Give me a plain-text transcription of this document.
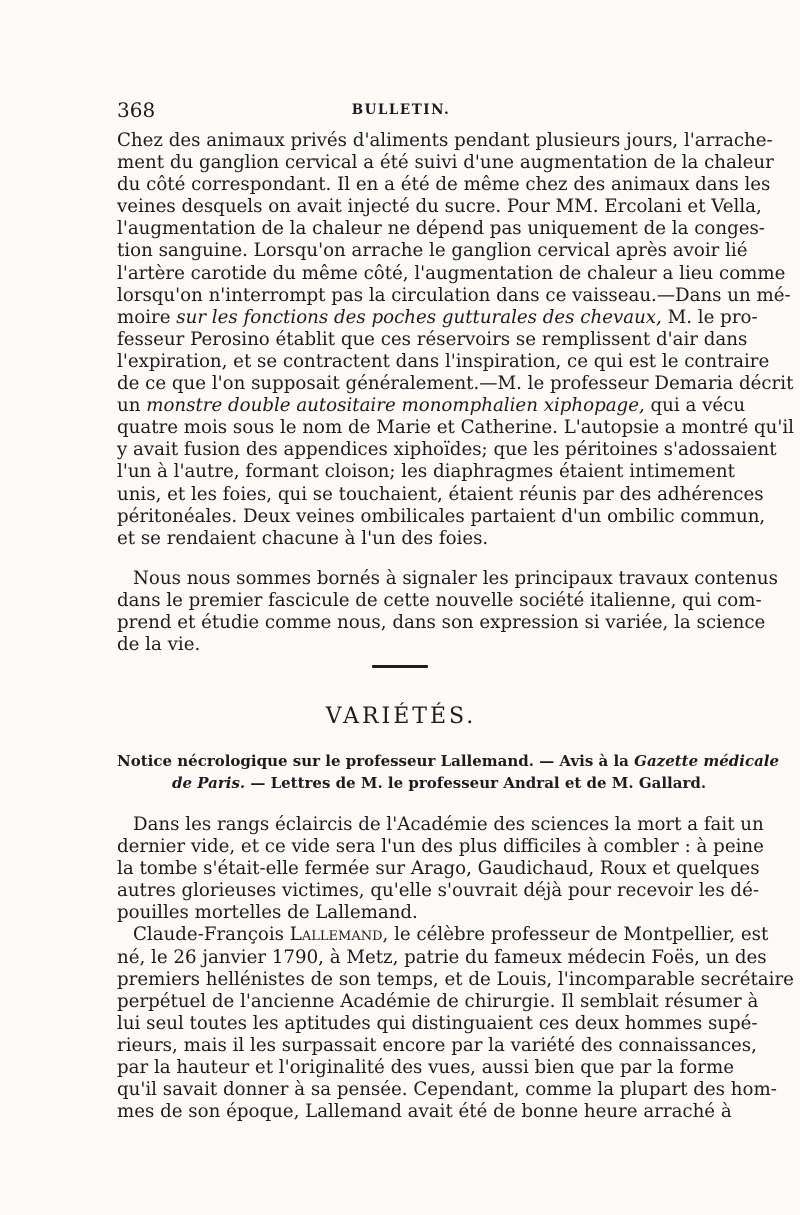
368	BULLETIN.
Chez des animaux privés d'aliments pendant plusieurs jours, l'arrache-
ment du ganglion cervical a été suivi d'une augmentation de la chaleur
du côté correspondant. Il en a été de même chez des animaux dans les
veines desquels on avait injecté du sucre. Pour MM. Ercolani et Vella,
l'augmentation de la chaleur ne dépend pas uniquement de la conges-
tion sanguine. Lorsqu'on arrache le ganglion cervical après avoir lié
l'artère carotide du même côté, l'augmentation de chaleur a lieu comme
lorsqu'on n'interrompt pas la circulation dans ce vaisseau.—Dans un mé-
moire sur les fonctions des poches gutturales des chevaux, M. le pro-
fesseur Perosino établit que ces réservoirs se remplissent d'air dans
l'expiration, et se contractent dans l'inspiration, ce qui est le contraire
de ce que l'on supposait généralement.—M. le professeur Demaria décrit
un monstre double autositaire monomphalien xiphopage, qui a vécu
quatre mois sous le nom de Marie et Catherine. L'autopsie a montré qu'il
y avait fusion des appendices xiphoïdes; que les péritoines s'adossaient
l'un à l'autre, formant cloison; les diaphragmes étaient intimement
unis, et les foies, qui se touchaient, étaient réunis par des adhérences
péritonéales. Deux veines ombilicales partaient d'un ombilic commun,
et se rendaient chacune à l'un des foies.
Nous nous sommes bornés à signaler les principaux travaux contenus
dans le premier fascicule de cette nouvelle société italienne, qui com-
prend et étudie comme nous, dans son expression si variée, la science
de la vie.
VARIÉTÉS.
Notice nécrologique sur le professeur Lallemand. — Avis à la Gazette médicale
de Paris. — Lettres de M. le professeur Andral et de M. Gallard.
Dans les rangs éclaircis de l'Académie des sciences la mort a fait un
dernier vide, et ce vide sera l'un des plus difficiles à combler : à peine
la tombe s'était-elle fermée sur Arago, Gaudichaud, Roux et quelques
autres glorieuses victimes, qu'elle s'ouvrait déjà pour recevoir les dé-
pouilles mortelles de Lallemand.
Claude-François Lallemand, le célèbre professeur de Montpellier, est
né, le 26 janvier 1790, à Metz, patrie du fameux médecin Foës, un des
premiers hellénistes de son temps, et de Louis, l'incomparable secrétaire
perpétuel de l'ancienne Académie de chirurgie. Il semblait résumer à
lui seul toutes les aptitudes qui distinguaient ces deux hommes supé-
rieurs, mais il les surpassait encore par la variété des connaissances,
par la hauteur et l'originalité des vues, aussi bien que par la forme
qu'il savait donner à sa pensée. Cependant, comme la plupart des hom-
mes de son époque, Lallemand avait été de bonne heure arraché à
